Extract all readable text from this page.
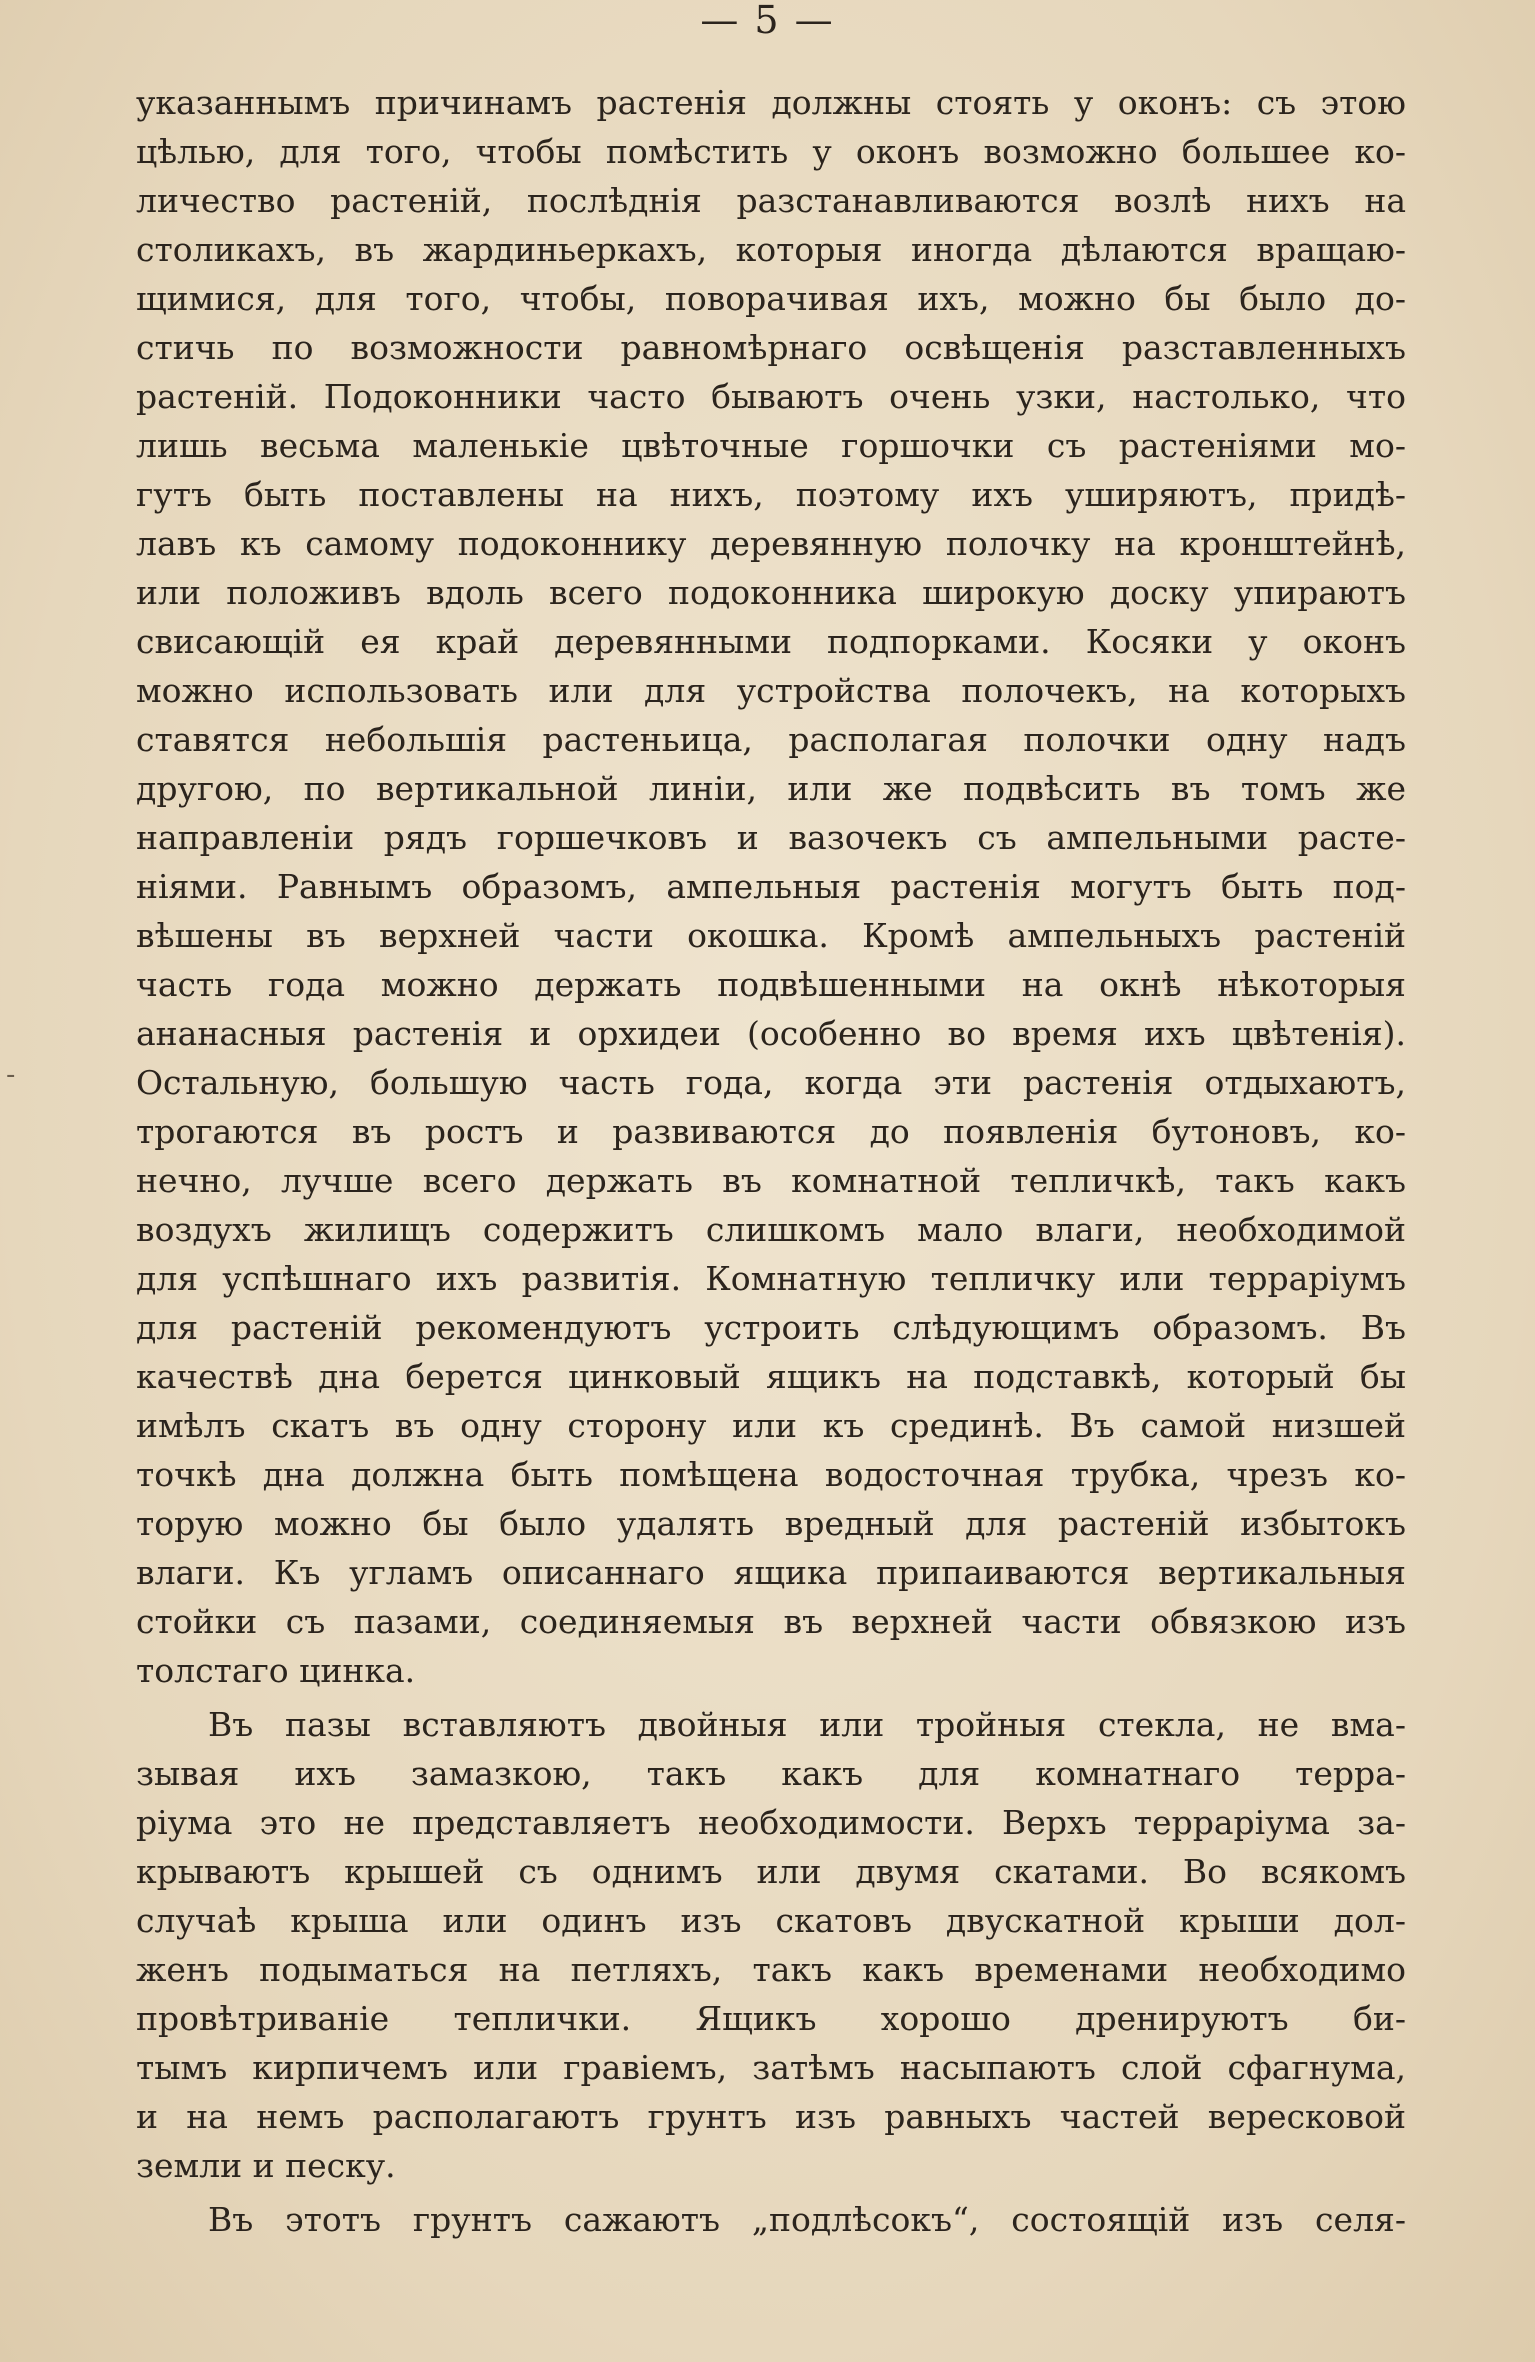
— 5 —
указаннымъ причинамъ растенія должны стоять у оконъ: съ этою
цѣлью, для того, чтобы помѣстить у оконъ возможно большее ко-
личество растеній, послѣднія разстанавливаются возлѣ нихъ на
столикахъ, въ жардиньеркахъ, которыя иногда дѣлаются вращаю-
щимися, для того, чтобы, поворачивая ихъ, можно бы было до-
стичь по возможности равномѣрнаго освѣщенія разставленныхъ
растеній. Подоконники часто бываютъ очень узки, настолько, что
лишь весьма маленькіе цвѣточные горшочки съ растеніями мо-
гутъ быть поставлены на нихъ, поэтому ихъ уширяютъ, придѣ-
лавъ къ самому подоконнику деревянную полочку на кронштейнѣ,
или положивъ вдоль всего подоконника широкую доску упираютъ
свисающій ея край деревянными подпорками. Косяки у оконъ
можно использовать или для устройства полочекъ, на которыхъ
ставятся небольшія растеньица, располагая полочки одну надъ
другою, по вертикальной линіи, или же подвѣсить въ томъ же
направленіи рядъ горшечковъ и вазочекъ съ ампельными расте-
ніями. Равнымъ образомъ, ампельныя растенія могутъ быть под-
вѣшены въ верхней части окошка. Кромѣ ампельныхъ растеній
часть года можно держать подвѣшенными на окнѣ нѣкоторыя
ананасныя растенія и орхидеи (особенно во время ихъ цвѣтенія).
Остальную, большую часть года, когда эти растенія отдыхаютъ,
трогаются въ ростъ и развиваются до появленія бутоновъ, ко-
нечно, лучше всего держать въ комнатной тепличкѣ, такъ какъ
воздухъ жилищъ содержитъ слишкомъ мало влаги, необходимой
для успѣшнаго ихъ развитія. Комнатную тепличку или террарiумъ
для растеній рекомендуютъ устроить слѣдующимъ образомъ. Въ
качествѣ дна берется цинковый ящикъ на подставкѣ, который бы
имѣлъ скатъ въ одну сторону или къ срединѣ. Въ самой низшей
точкѣ дна должна быть помѣщена водосточная трубка, чрезъ ко-
торую можно бы было удалять вредный для растеній избытокъ
влаги. Къ угламъ описаннаго ящика припаиваются вертикальныя
стойки съ пазами, соединяемыя въ верхней части обвязкою изъ
толстаго цинка.
Въ пазы вставляютъ двойныя или тройныя стекла, не вма-
зывая ихъ замазкою, такъ какъ для комнатнаго терра-
ріума это не представляетъ необходимости. Верхъ террарiума за-
крываютъ крышей съ однимъ или двумя скатами. Во всякомъ
случаѣ крыша или одинъ изъ скатовъ двускатной крыши дол-
женъ подыматься на петляхъ, такъ какъ временами необходимо
провѣтриваніе теплички. Ящикъ хорошо дренируютъ би-
тымъ кирпичемъ или гравіемъ, затѣмъ насыпаютъ слой сфагнума,
и на немъ располагаютъ грунтъ изъ равныхъ частей вересковой
земли и песку.
Въ этотъ грунтъ сажаютъ „подлѣсокъ“, состоящій изъ селя-
-
